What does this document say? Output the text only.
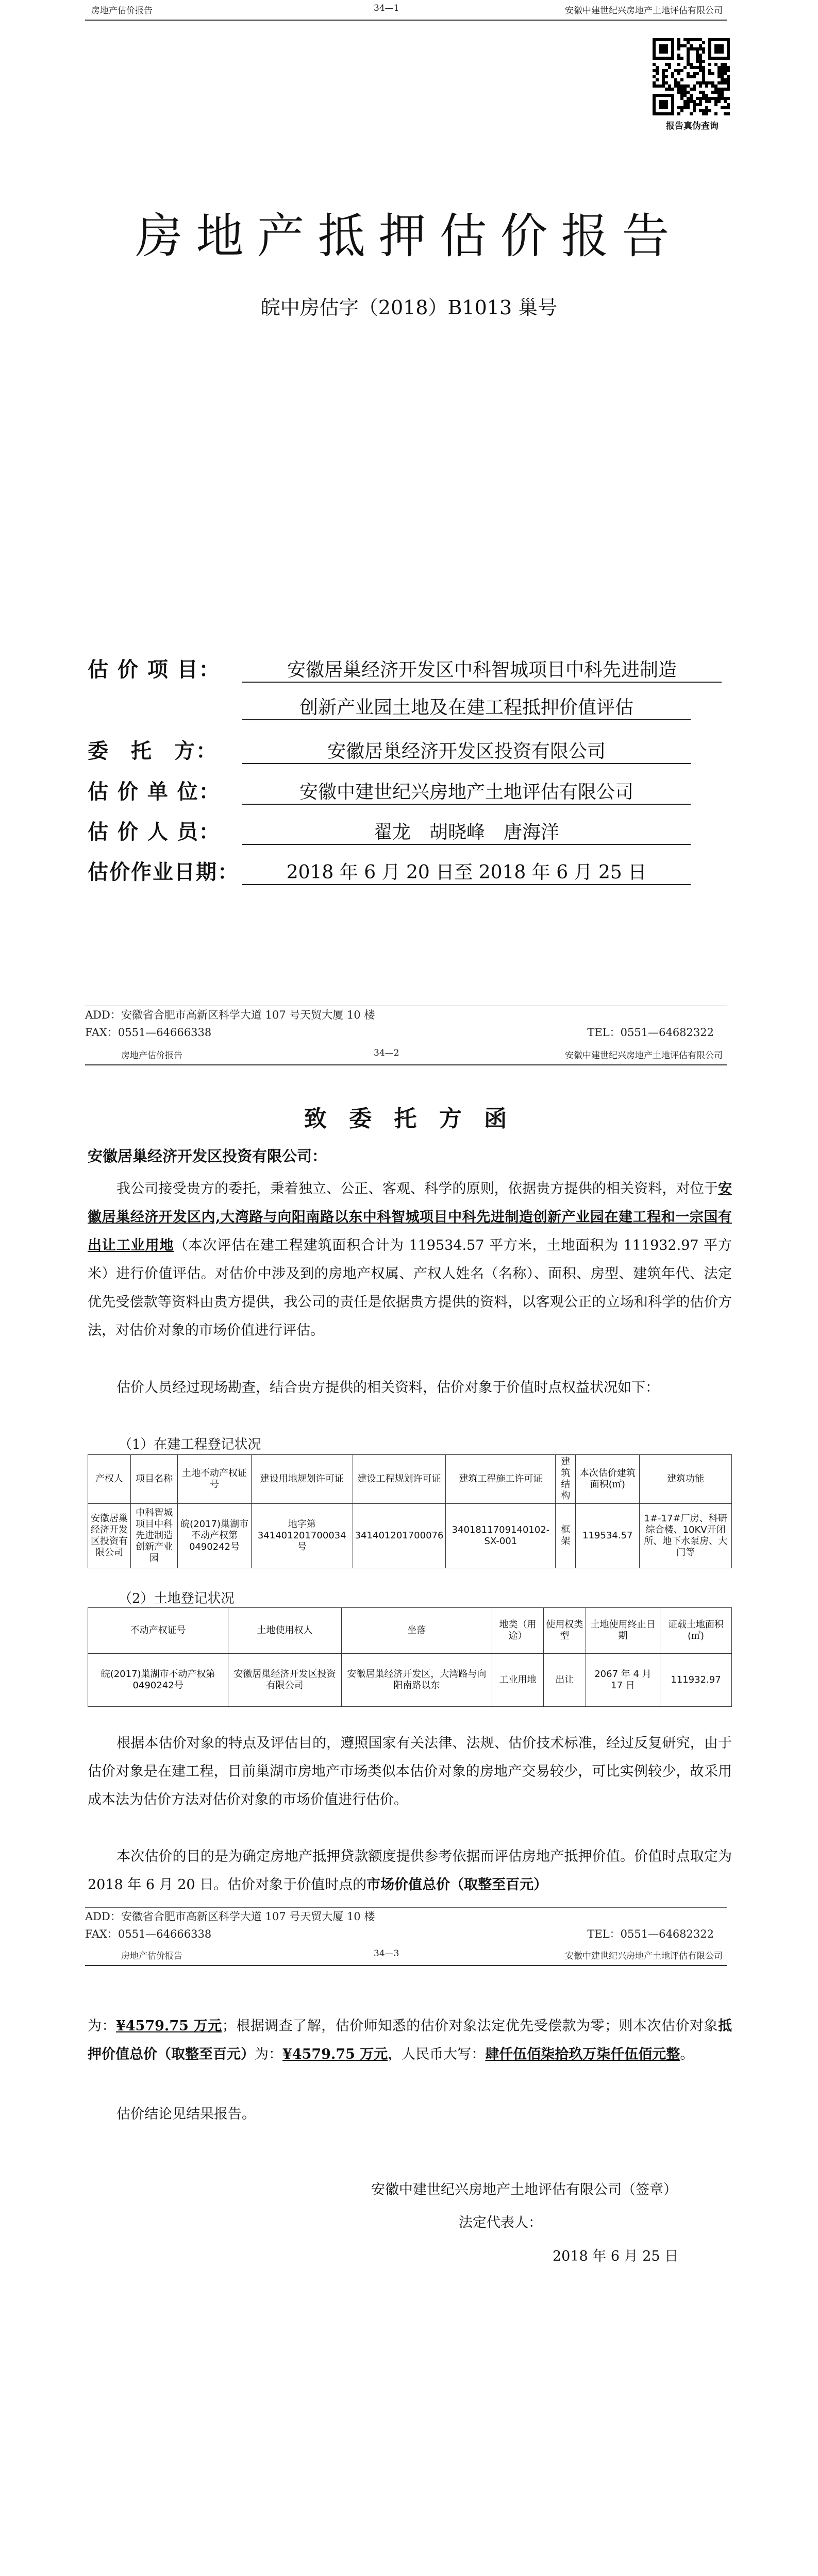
房地产估价报告	34—1	安徽中建世纪兴房地产土地评估有限公司
报告真伪查询
房地产抵押估价报告
皖中房估字（2018）B1013 巢号
估 价 项 目：	安徽居巢经济开发区中科智城项目中科先进制造
创新产业园土地及在建工程抵押价值评估
委　托　方：	安徽居巢经济开发区投资有限公司
估 价 单 位：	安徽中建世纪兴房地产土地评估有限公司
估 价 人 员：	翟龙　胡晓峰　唐海洋
估价作业日期：	2018 年 6 月 20 日至 2018 年 6 月 25 日
ADD：安徽省合肥市高新区科学大道 107 号天贸大厦 10 楼
FAX：0551—64666338	TEL：0551—64682322
房地产估价报告	34—2	安徽中建世纪兴房地产土地评估有限公司
致 委 托 方 函
安徽居巢经济开发区投资有限公司：
我公司接受贵方的委托，秉着独立、公正、客观、科学的原则，依据贵方提供的相关资料，对位于安徽居巢经济开发区内,大湾路与向阳南路以东中科智城项目中科先进制造创新产业园在建工程和一宗国有出让工业用地（本次评估在建工程建筑面积合计为 119534.57 平方米，土地面积为 111932.97 平方米）进行价值评估。对估价中涉及到的房地产权属、产权人姓名（名称）、面积、房型、建筑年代、法定优先受偿款等资料由贵方提供，我公司的责任是依据贵方提供的资料，以客观公正的立场和科学的估价方法，对估价对象的市场价值进行评估。
估价人员经过现场勘查，结合贵方提供的相关资料，估价对象于价值时点权益状况如下：
（1）在建工程登记状况
产权人	项目名称	土地不动产权证号	建设用地规划许可证	建设工程规划许可证	建筑工程施工许可证	建筑结构	本次估价建筑面积(㎡)	建筑功能
安徽居巢经济开发区投资有限公司	中科智城项目中科先进制造创新产业园	皖(2017)巢湖市不动产权第0490242号	地字第341401201700034号	341401201700076	3401811709140102-SX-001	框架	119534.57	1#-17#厂房、科研综合楼、10KV开闭所、地下水泵房、大门等
（2）土地登记状况
不动产权证号	土地使用权人	坐落	地类（用途）	使用权类型	土地使用终止日期	证载土地面积(㎡)
皖(2017)巢湖市不动产权第0490242号	安徽居巢经济开发区投资有限公司	安徽居巢经济开发区，大湾路与向阳南路以东	工业用地	出让	2067 年 4 月 17 日	111932.97
根据本估价对象的特点及评估目的，遵照国家有关法律、法规、估价技术标准，经过反复研究，由于估价对象是在建工程，目前巢湖市房地产市场类似本估价对象的房地产交易较少，可比实例较少，故采用成本法为估价方法对估价对象的市场价值进行估价。
本次估价的目的是为确定房地产抵押贷款额度提供参考依据而评估房地产抵押价值。价值时点取定为 2018 年 6 月 20 日。估价对象于价值时点的市场价值总价（取整至百元）
ADD：安徽省合肥市高新区科学大道 107 号天贸大厦 10 楼
FAX：0551—64666338	TEL：0551—64682322
房地产估价报告	34—3	安徽中建世纪兴房地产土地评估有限公司
为：¥4579.75 万元；根据调查了解，估价师知悉的估价对象法定优先受偿款为零；则本次估价对象抵押价值总价（取整至百元）为：¥4579.75 万元，人民币大写：肆仟伍佰柒拾玖万柒仟伍佰元整。
估价结论见结果报告。
安徽中建世纪兴房地产土地评估有限公司（签章）
法定代表人：
2018 年 6 月 25 日
